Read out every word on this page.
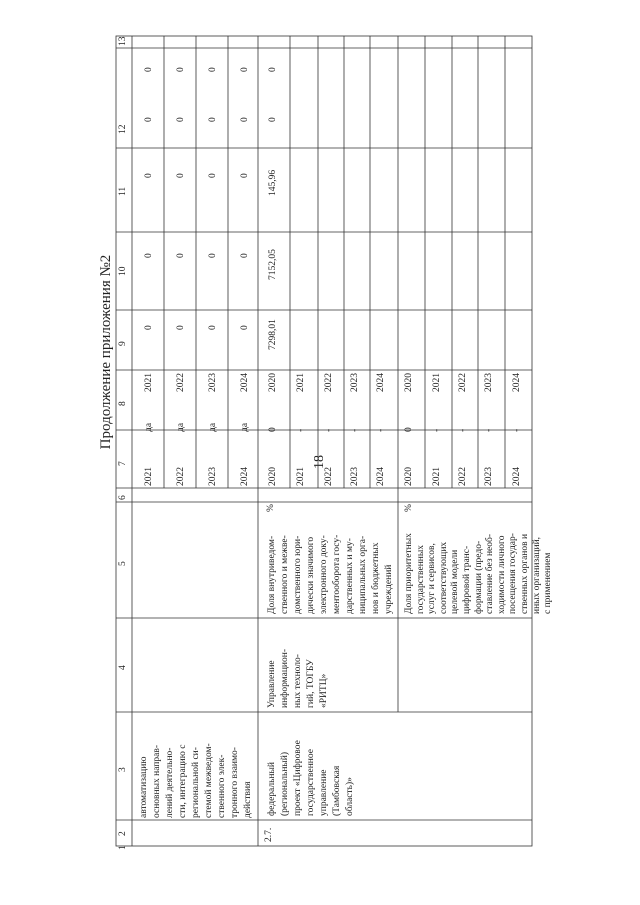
18
Продолжение приложения №2
13
12
11
10
9
8
7
6
5
4
3
2
1
автоматизацию основных направ- лений деятельно- сти, интеграцию с региональной си- стемой межведом- ственного элек- тронного взаимо- действия
2021 2022 2023 2024
да да да да
2021 2022 2023 2024
0 0 0 0
0 0 0 0
0 0 0 0
0 0 0 0
0 0 0 0
2.7.
федеральный (региональный) проект «Цифровое государственное управление (Тамбовская область)»
Управление информацион- ных техноло- гий, ТОГБУ «РИТЦ»
Доля внутриведом- ственного и межве- домственного юри- дически значимого электронного доку- ментооборота госу- дарственных и му- ниципальных орга- нов и бюджетных учреждений
%
2020 2021 2022 2023 2024
0 - - - -
2020 2021 2022 2023 2024
7298,01
7152,05
145,96
0
0
Доля приоритетных государственных услуг и сервисов, соответствующих целевой модели цифровой транс- формации (предо- ставление без необ- ходимости личного посещения государ- ственных органов и иных организаций, с применением
%
2020 2021 2022 2023 2024
0 - - - -
2020 2021 2022 2023 2024
